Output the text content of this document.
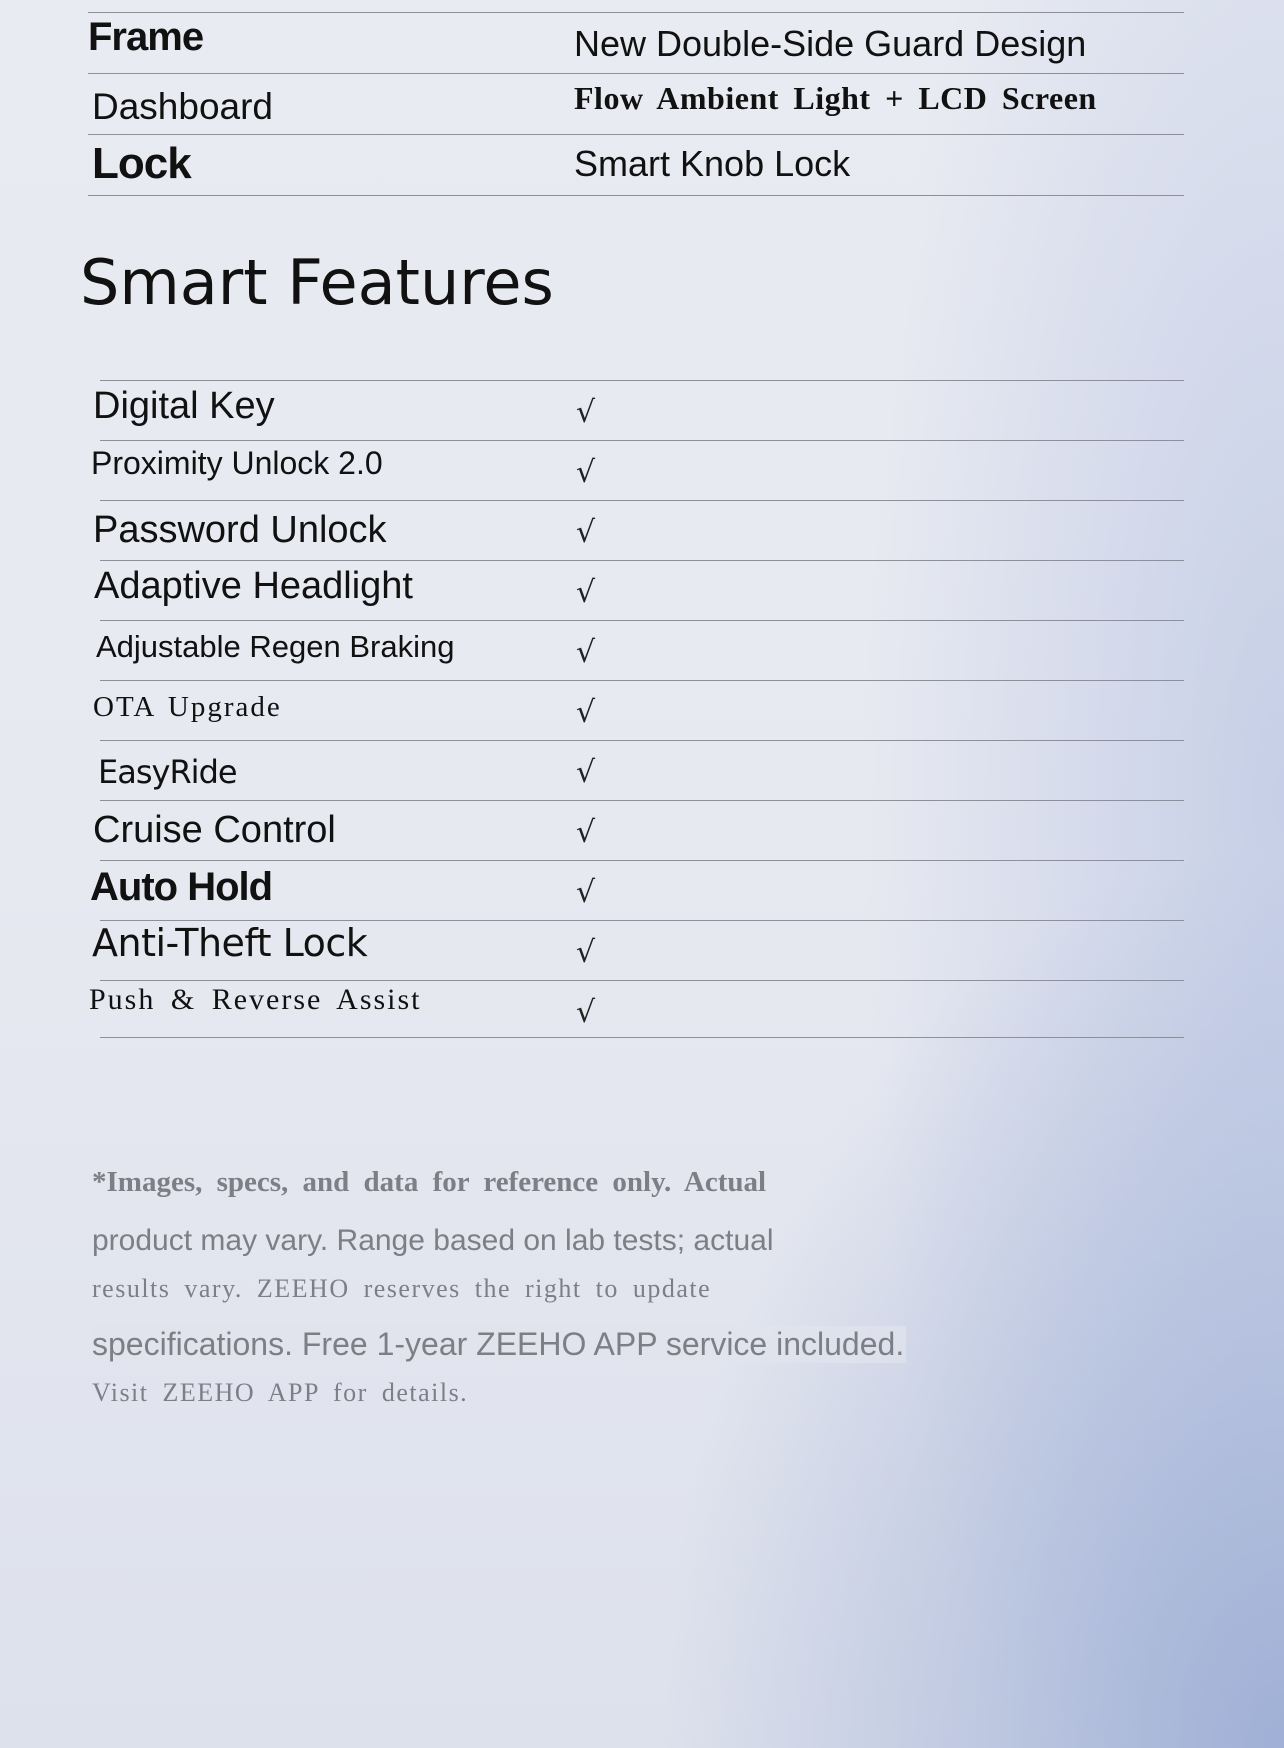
Frame	New Double-Side Guard Design
Dashboard	Flow Ambient Light + LCD Screen
Lock	Smart Knob Lock
Smart Features
Digital Key	√
Proximity Unlock 2.0	√
Password Unlock	√
Adaptive Headlight	√
Adjustable Regen Braking	√
OTA Upgrade	√
EasyRide	√
Cruise Control	√
Auto Hold	√
Anti-Theft Lock	√
Push & Reverse Assist	√
*Images, specs, and data for reference only. Actual
product may vary. Range based on lab tests; actual
results vary. ZEEHO reserves the right to update
specifications. Free 1-year ZEEHO APP service included.
Visit ZEEHO APP for details.
